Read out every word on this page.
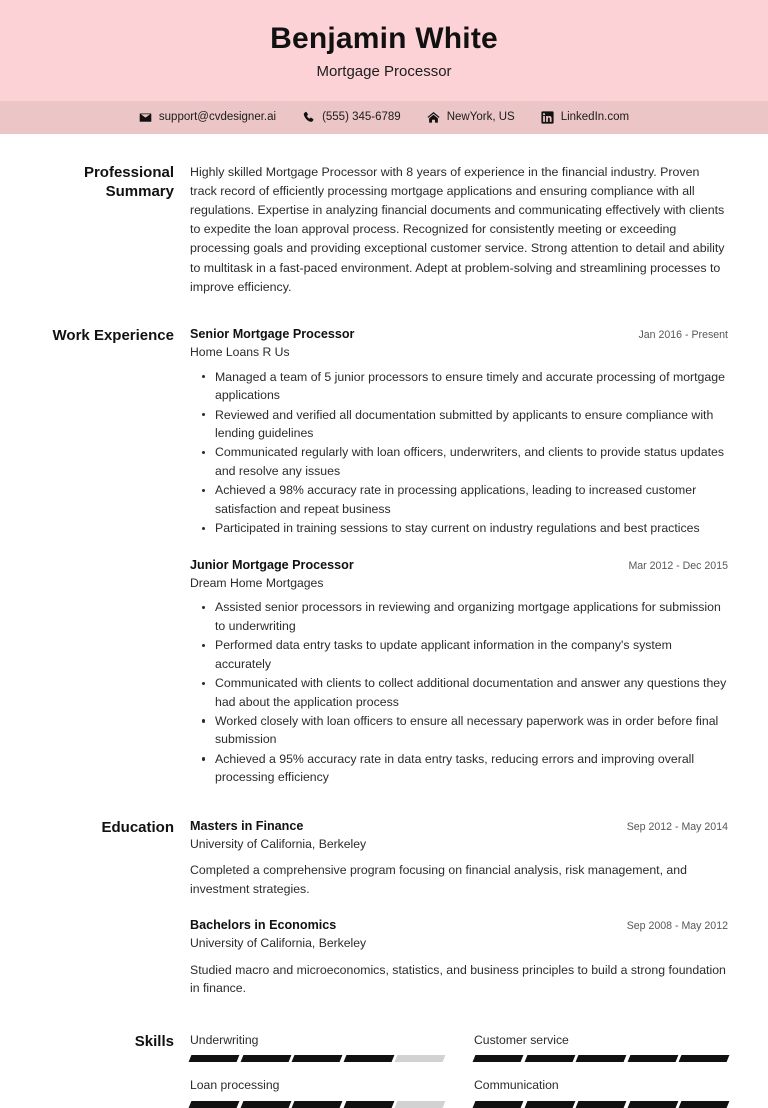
Benjamin White
Mortgage Processor
support@cvdesigner.ai	(555) 345-6789	NewYork, US	LinkedIn.com
Professional Summary

Highly skilled Mortgage Processor with 8 years of experience in the financial industry. Proven track record of efficiently processing mortgage applications and ensuring compliance with all regulations. Expertise in analyzing financial documents and communicating effectively with clients to expedite the loan approval process. Recognized for consistently meeting or exceeding processing goals and providing exceptional customer service. Strong attention to detail and ability to multitask in a fast-paced environment. Adept at problem-solving and streamlining processes to improve efficiency.

Work Experience	Senior Mortgage Processor	Jan 2016 - Present
Home Loans R Us
Managed a team of 5 junior processors to ensure timely and accurate processing of mortgage applications
Reviewed and verified all documentation submitted by applicants to ensure compliance with lending guidelines
Communicated regularly with loan officers, underwriters, and clients to provide status updates and resolve any issues
Achieved a 98% accuracy rate in processing applications, leading to increased customer satisfaction and repeat business
Participated in training sessions to stay current on industry regulations and best practices
Junior Mortgage Processor	Mar 2012 - Dec 2015
Dream Home Mortgages
Assisted senior processors in reviewing and organizing mortgage applications for submission to underwriting
Performed data entry tasks to update applicant information in the company's system accurately
Communicated with clients to collect additional documentation and answer any questions they had about the application process
Worked closely with loan officers to ensure all necessary paperwork was in order before final submission
Achieved a 95% accuracy rate in data entry tasks, reducing errors and improving overall processing efficiency
Education	Masters in Finance	Sep 2012 - May 2014
University of California, Berkeley

Completed a comprehensive program focusing on financial analysis, risk management, and investment strategies.

Bachelors in Economics	Sep 2008 - May 2012
University of California, Berkeley

Studied macro and microeconomics, statistics, and business principles to build a strong foundation in finance.

Skills	Underwriting	Customer service
Loan processing	Communication
